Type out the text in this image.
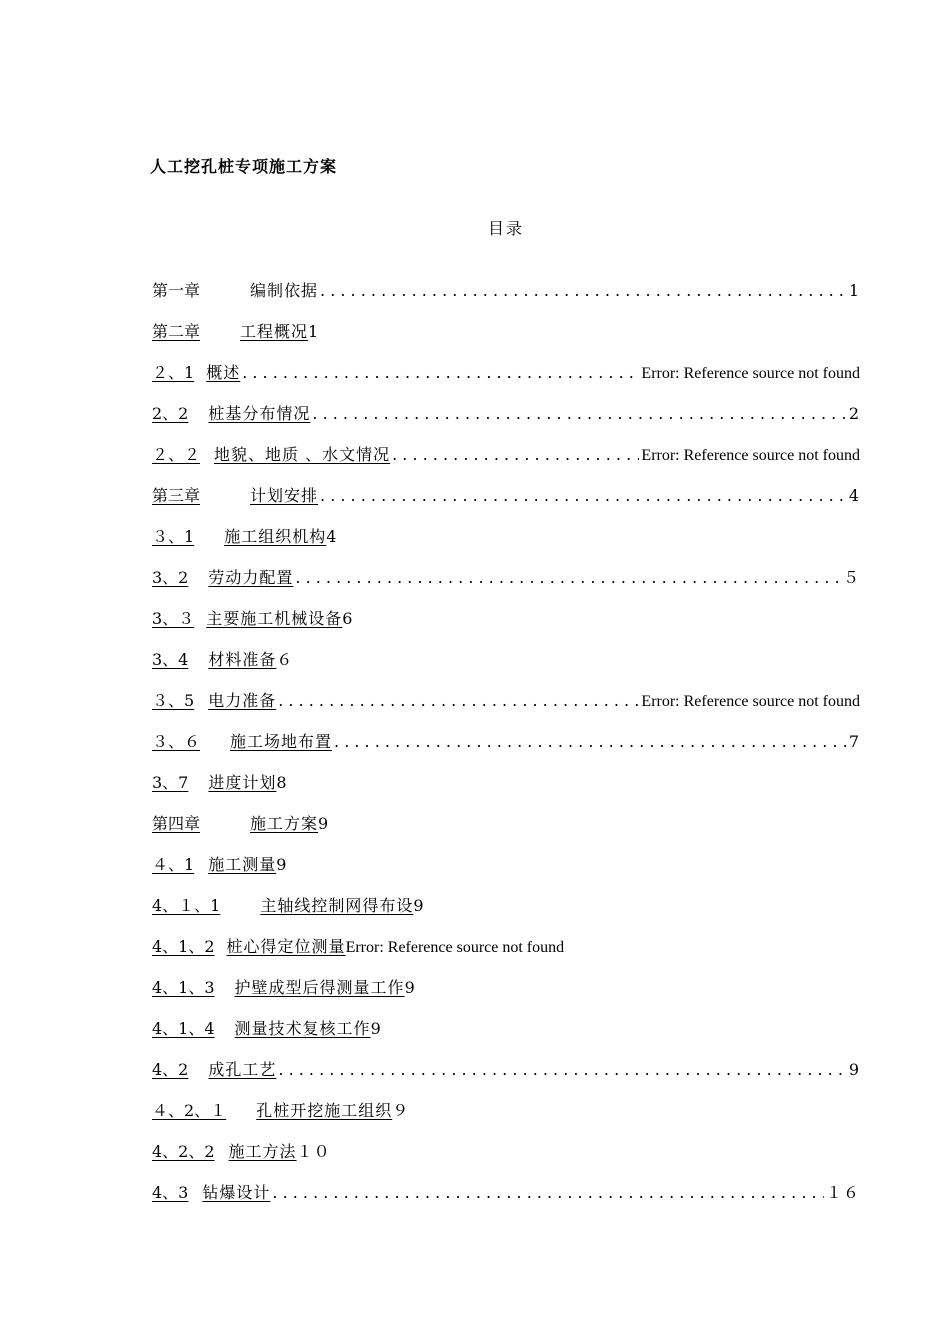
人工挖孔桩专项施工方案
目录
第一章	编制依据 . . .	1
第二章	工程概况 1
２、1 概述 . . .	Error: Reference source not found
2、2 桩基分布情况 . . .	2
２、２ 地貌、地质 、水文情况 . . .	Error: Reference source not found
第三章	计划安排 . . .	4
３、1 施工组织机构 4
3、2 劳动力配置 . . .	５
3、３ 主要施工机械设备 6
3、4 材料准备 ６
３、5 电力准备 . . .	Error: Reference source not found
３、６ 施工场地布置 . . .	7
3、7 进度计划 8
第四章	施工方案 9
４、1 施工测量 9
4、１、1	主轴线控制网得布设 9
4、1、2 桩心得定位测量 Error: Reference source not found
4、1、3 护壁成型后得测量工作 9
4、1、4 测量技术复核工作 9
4、2 成孔工艺 . . .	9
４、2、１ 孔桩开挖施工组织 ９
4、2、2 施工方法 １０
4、3 钻爆设计 . . .	１６
